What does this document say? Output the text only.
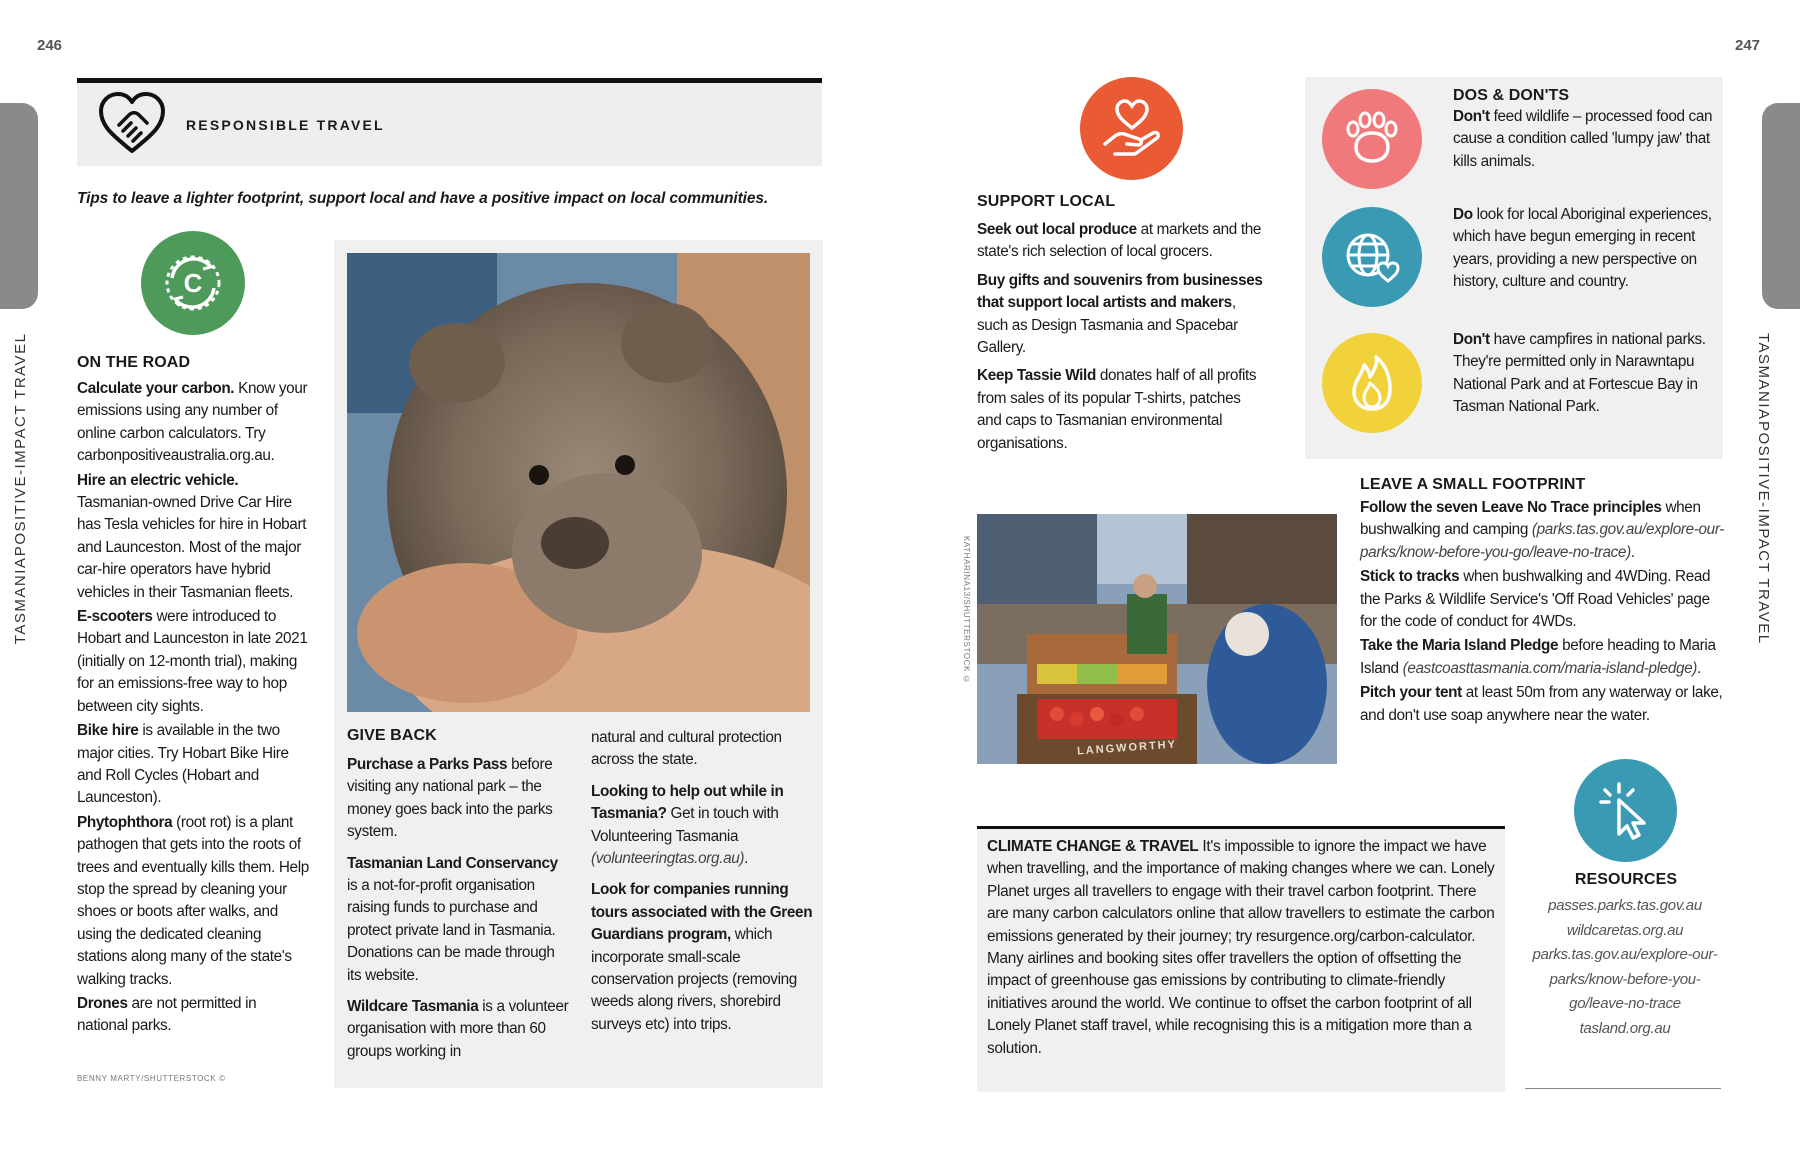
246	247
TASMANIAPOSITIVE-IMPACT TRAVEL	TASMANIAPOSITIVE-IMPACT TRAVEL
RESPONSIBLE TRAVEL
Tips to leave a lighter footprint, support local and have a positive impact on local communities.
C
ON THE ROAD

Calculate your carbon. Know your emissions using any number of online carbon calculators. Try carbonpositiveaustralia.org.au.

Hire an electric vehicle. Tasmanian-owned Drive Car Hire has Tesla vehicles for hire in Hobart and Launceston. Most of the major car-hire operators have hybrid vehicles in their Tasmanian fleets.

E-scooters were introduced to Hobart and Launceston in late 2021 (initially on 12-month trial), making for an emissions-free way to hop between city sights.

Bike hire is available in the two major cities. Try Hobart Bike Hire and Roll Cycles (Hobart and Launceston).

Phytophthora (root rot) is a plant pathogen that gets into the roots of trees and eventually kills them. Help stop the spread by cleaning your shoes or boots after walks, and using the dedicated cleaning stations along many of the state's walking tracks.

Drones are not permitted in national parks.

BENNY MARTY/SHUTTERSTOCK ©
GIVE BACK

Purchase a Parks Pass before visiting any national park – the money goes back into the parks system.

Tasmanian Land Conservancy is a not-for-profit organisation raising funds to purchase and protect private land in Tasmania. Donations can be made through its website.

Wildcare Tasmania is a volunteer organisation with more than 60 groups working in

natural and cultural protection across the state.

Looking to help out while in Tasmania? Get in touch with Volunteering Tasmania (volunteeringtas.org.au).

Look for companies running tours associated with the Green Guardians program, which incorporate small-scale conservation projects (removing weeds along rivers, shorebird surveys etc) into trips.

SUPPORT LOCAL

Seek out local produce at markets and the state's rich selection of local grocers.

Buy gifts and souvenirs from businesses that support local artists and makers, such as Design Tasmania and Spacebar Gallery.

Keep Tassie Wild donates half of all profits from sales of its popular T-shirts, patches and caps to Tasmanian environmental organisations.

LANGWORTHY
KATHARINA13/SHUTTERSTOCK ©
DOS & DON'TS

Don't feed wildlife – processed food can cause a condition called 'lumpy jaw' that kills animals.

Do look for local Aboriginal experiences, which have begun emerging in recent years, providing a new perspective on history, culture and country.

Don't have campfires in national parks. They're permitted only in Narawntapu National Park and at Fortescue Bay in Tasman National Park.

LEAVE A SMALL FOOTPRINT

Follow the seven Leave No Trace principles when bushwalking and camping (parks.tas.gov.au/explore-our-parks/know-before-you-go/leave-no-trace).

Stick to tracks when bushwalking and 4WDing. Read the Parks & Wildlife Service's 'Off Road Vehicles' page for the code of conduct for 4WDs.

Take the Maria Island Pledge before heading to Maria Island (eastcoasttasmania.com/maria-island-pledge).

Pitch your tent at least 50m from any waterway or lake, and don't use soap anywhere near the water.

CLIMATE CHANGE & TRAVEL It's impossible to ignore the impact we have when travelling, and the importance of making changes where we can. Lonely Planet urges all travellers to engage with their travel carbon footprint. There are many carbon calculators online that allow travellers to estimate the carbon emissions generated by their journey; try resurgence.org/carbon-calculator. Many airlines and booking sites offer travellers the option of offsetting the impact of greenhouse gas emissions by contributing to climate-friendly initiatives around the world. We continue to offset the carbon footprint of all Lonely Planet staff travel, while recognising this is a mitigation more than a solution.

RESOURCES

passes.parks.tas.gov.au

wildcaretas.org.au

parks.tas.gov.au/explore-our-parks/know-before-you-go/leave-no-trace

tasland.org.au
